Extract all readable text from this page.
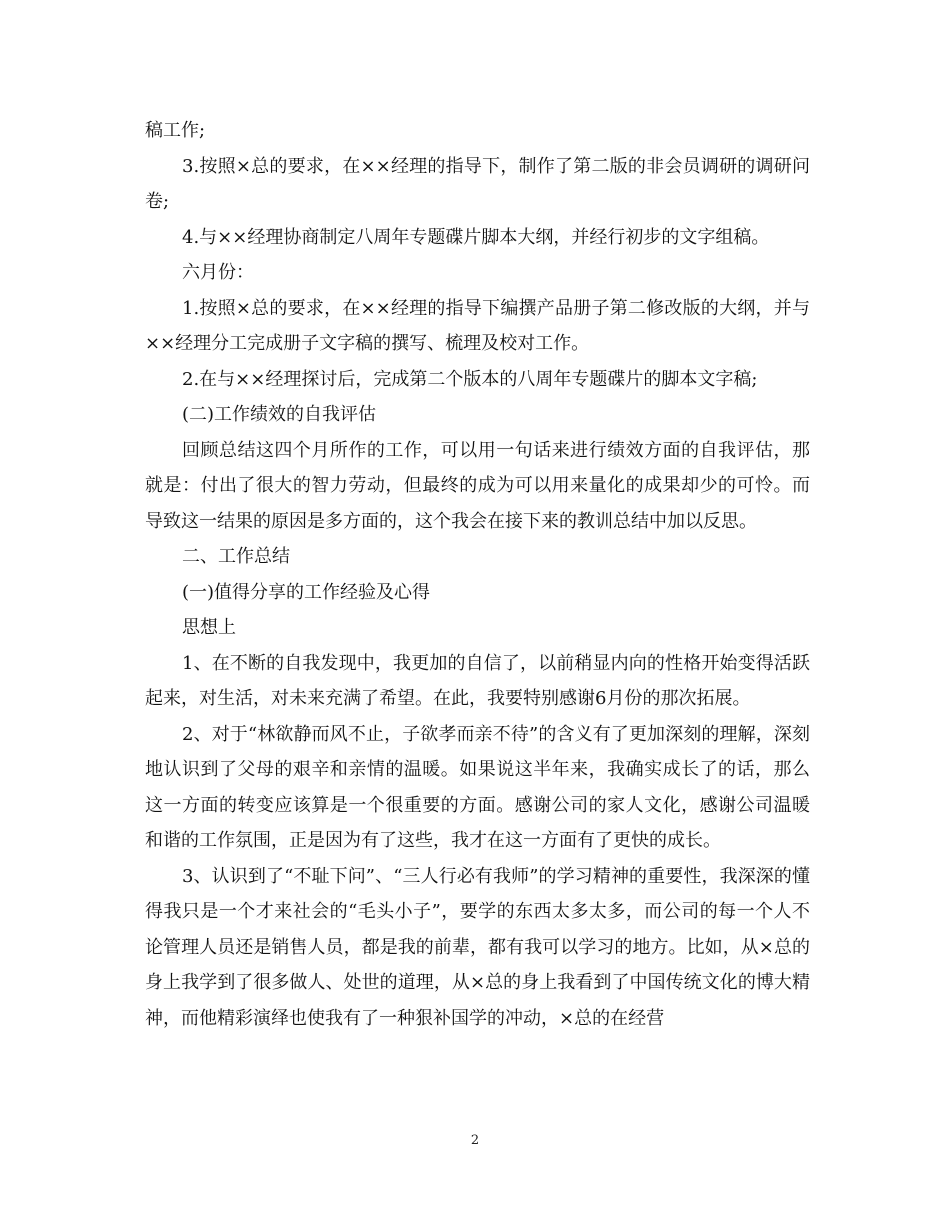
稿工作;

3.按照×总的要求，在××经理的指导下，制作了第二版的非会员调研的调研问卷;

4.与××经理协商制定八周年专题碟片脚本大纲，并经行初步的文字组稿。

六月份：

1.按照×总的要求，在××经理的指导下编撰产品册子第二修改版的大纲，并与××经理分工完成册子文字稿的撰写、梳理及校对工作。

2.在与××经理探讨后，完成第二个版本的八周年专题碟片的脚本文字稿;

(二)工作绩效的自我评估

回顾总结这四个月所作的工作，可以用一句话来进行绩效方面的自我评估，那就是：付出了很大的智力劳动，但最终的成为可以用来量化的成果却少的可怜。而导致这一结果的原因是多方面的，这个我会在接下来的教训总结中加以反思。

二、工作总结

(一)值得分享的工作经验及心得

思想上

1、在不断的自我发现中，我更加的自信了，以前稍显内向的性格开始变得活跃起来，对生活，对未来充满了希望。在此，我要特别感谢6月份的那次拓展。

2、对于“林欲静而风不止，子欲孝而亲不待”的含义有了更加深刻的理解，深刻地认识到了父母的艰辛和亲情的温暖。如果说这半年来，我确实成长了的话，那么这一方面的转变应该算是一个很重要的方面。感谢公司的家人文化，感谢公司温暖和谐的工作氛围，正是因为有了这些，我才在这一方面有了更快的成长。

3、认识到了“不耻下问”、“三人行必有我师”的学习精神的重要性，我深深的懂得我只是一个才来社会的“毛头小子”，要学的东西太多太多，而公司的每一个人不论管理人员还是销售人员，都是我的前辈，都有我可以学习的地方。比如，从×总的身上我学到了很多做人、处世的道理，从×总的身上我看到了中国传统文化的博大精神，而他精彩演绎也使我有了一种狠补国学的冲动，×总的在经营

2
